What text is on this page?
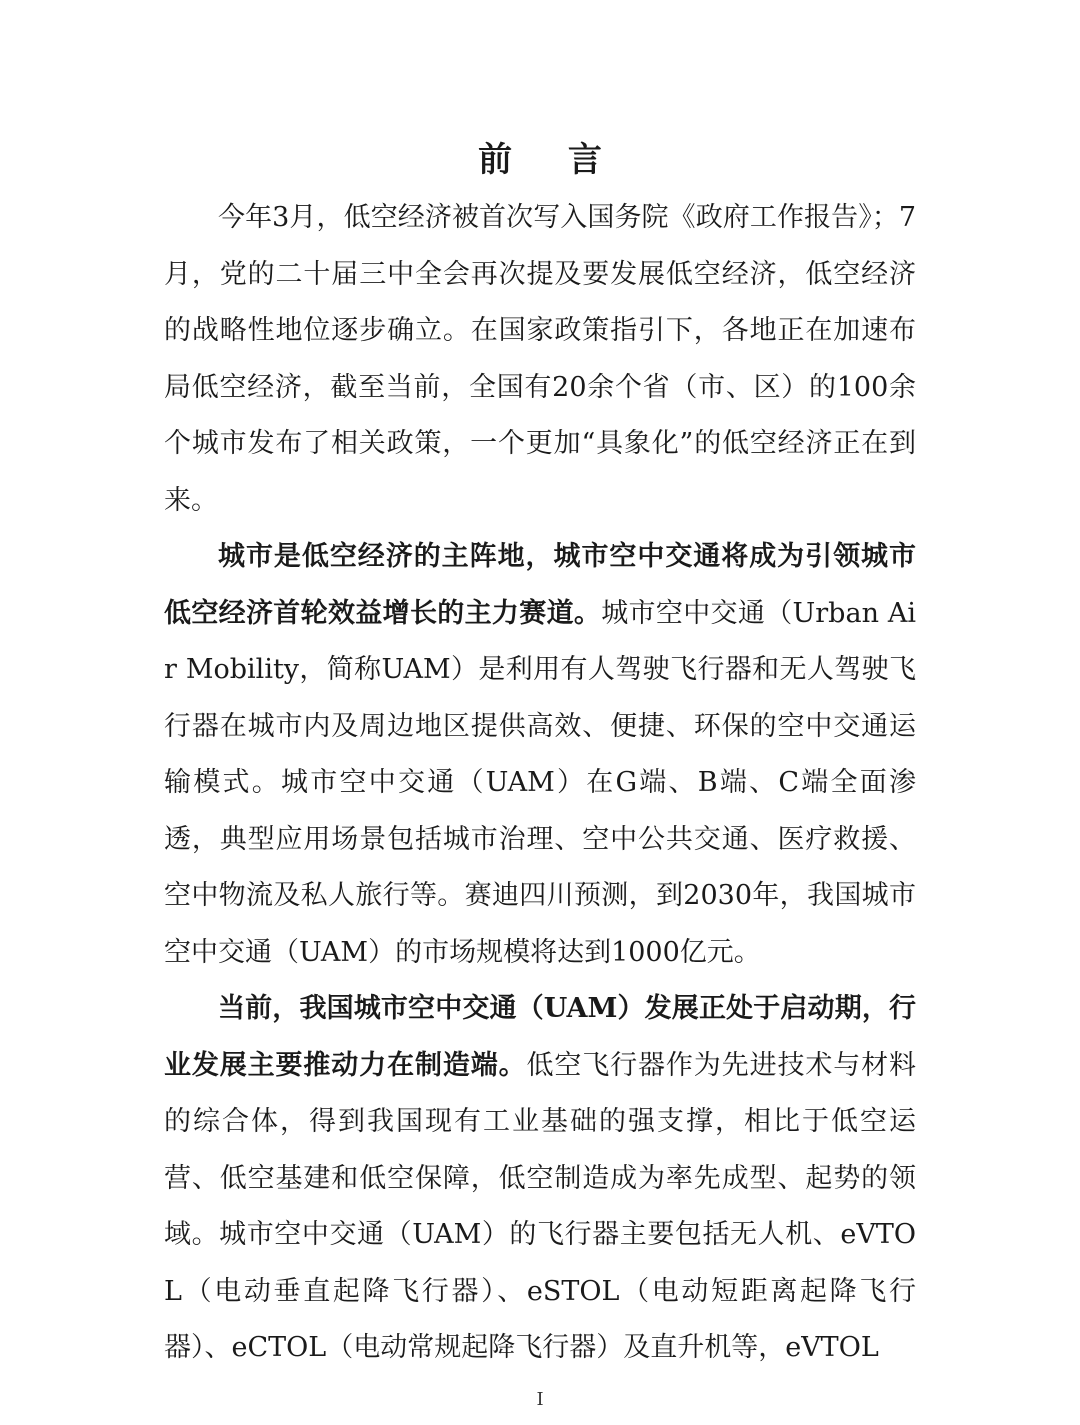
前 言

今年3月，低空经济被首次写入国务院《政府工作报告》；7月，党的二十届三中全会再次提及要发展低空经济，低空经济的战略性地位逐步确立。在国家政策指引下，各地正在加速布局低空经济，截至当前，全国有20余个省（市、区）的100余个城市发布了相关政策，一个更加“具象化”的低空经济正在到来。

城市是低空经济的主阵地，城市空中交通将成为引领城市低空经济首轮效益增长的主力赛道。城市空中交通（Urban Air Mobility，简称UAM）是利用有人驾驶飞行器和无人驾驶飞行器在城市内及周边地区提供高效、便捷、环保的空中交通运输模式。城市空中交通（UAM）在G端、B端、C端全面渗透，典型应用场景包括城市治理、空中公共交通、医疗救援、空中物流及私人旅行等。赛迪四川预测，到2030年，我国城市空中交通（UAM）的市场规模将达到1000亿元。

当前，我国城市空中交通（UAM）发展正处于启动期，行业发展主要推动力在制造端。低空飞行器作为先进技术与材料的综合体，得到我国现有工业基础的强支撑，相比于低空运营、低空基建和低空保障，低空制造成为率先成型、起势的领域。城市空中交通（UAM）的飞行器主要包括无人机、eVTOL（电动垂直起降飞行器）、eSTOL（电动短距离起降飞行器）、eCTOL（电动常规起降飞行器）及直升机等，eVTOL

I
